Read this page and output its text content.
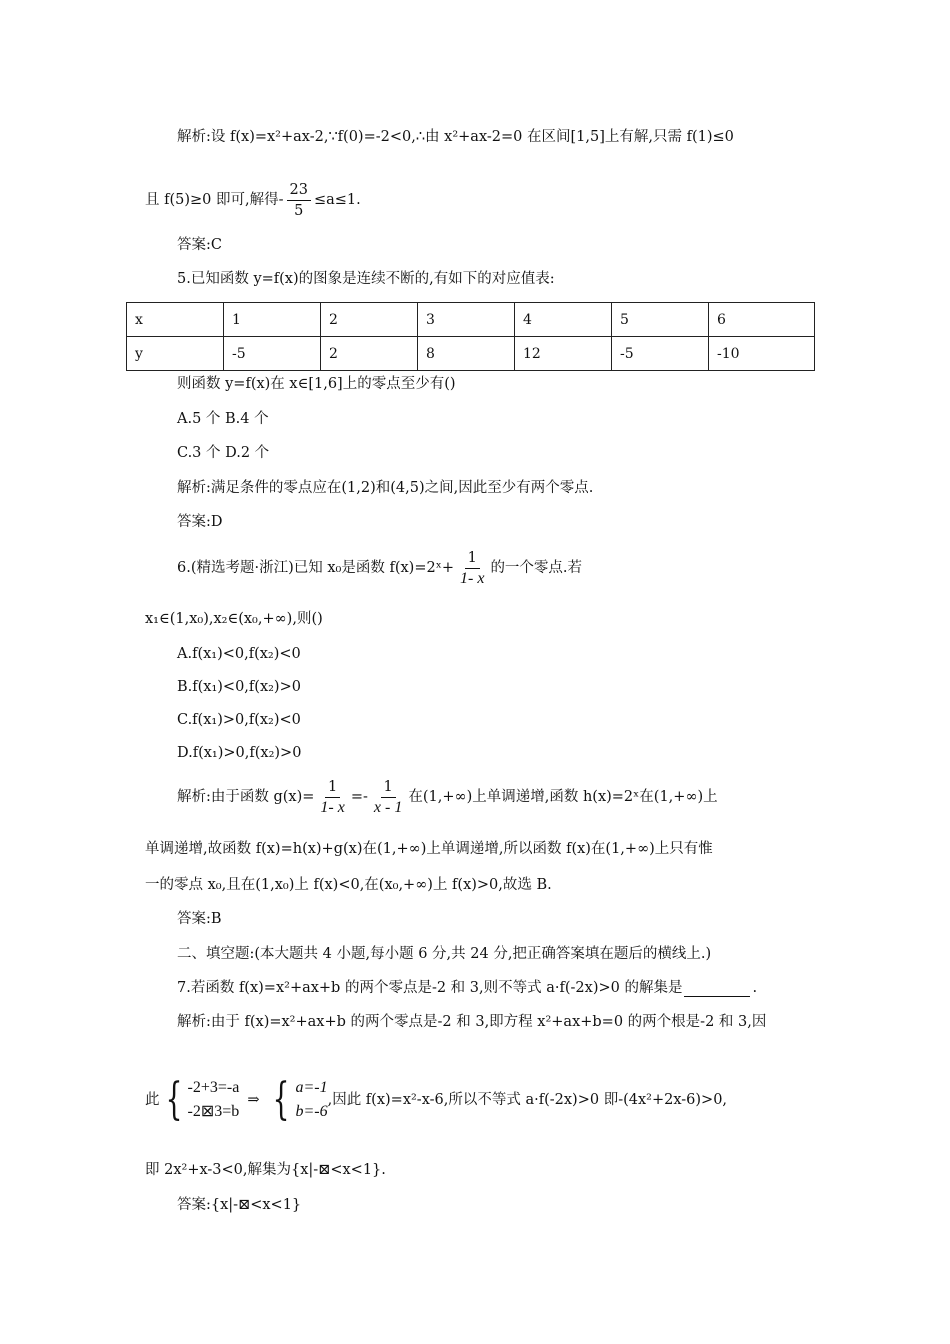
解析:设 f(x)=x²+ax-2,∵f(0)=-2<0,∴由 x²+ax-2=0 在区间[1,5]上有解,只需 f(1)≤0
且 f(5)≥0 即可,解得- $\frac{23}{5} \le a\le 1$.
答案:C
5.已知函数 y=f(x)的图象是连续不断的,有如下的对应值表:
x	1	2	3	4	5	6
y	-5	2	8	12	-5	-10
则函数 y=f(x)在 x∈[1,6]上的零点至少有()
A.5 个 B.4 个
C.3 个 D.2 个
解析:满足条件的零点应在(1,2)和(4,5)之间,因此至少有两个零点.
答案:D
6.(精选考题·浙江)已知 x₀是函数 f(x)=2ˣ+ $\frac{1}{1- x}$ 的一个零点.若
x₁∈(1,x₀),x₂∈(x₀,+∞),则()
A.f(x₁)<0,f(x₂)<0
B.f(x₁)<0,f(x₂)>0
C.f(x₁)>0,f(x₂)<0
D.f(x₁)>0,f(x₂)>0
解析:由于函数 $g(x)= \frac{1}{1- x} =- \frac{1}{x - 1}$ 在(1,+∞)上单调递增,函数 h(x)=2ˣ在(1,+∞)上
单调递增,故函数 f(x)=h(x)+g(x)在(1,+∞)上单调递增,所以函数 f(x)在(1,+∞)上只有惟
一的零点 x₀,且在(1,x₀)上 f(x)<0,在(x₀,+∞)上 f(x)>0,故选 B.
答案:B
二、填空题:(本大题共 4 小题,每小题 6 分,共 24 分,把正确答案填在题后的横线上.)
7.若函数 f(x)=x²+ax+b 的两个零点是-2 和 3,则不等式 a·f(-2x)>0 的解集是	.
解析:由于 f(x)=x²+ax+b 的两个零点是-2 和 3,即方程 x²+ax+b=0 的两个根是-2 和 3,因
此 { -2+3=-a
-2⊠3=b
⇒ { a=-1
b=-6
,因此 f(x)=x²-x-6,所以不等式 a·f(-2x)>0 即-(4x²+2x-6)>0,
即 2x²+x-3<0,解集为{x|-⊠<x<1}.
答案:{x|-⊠<x<1}
